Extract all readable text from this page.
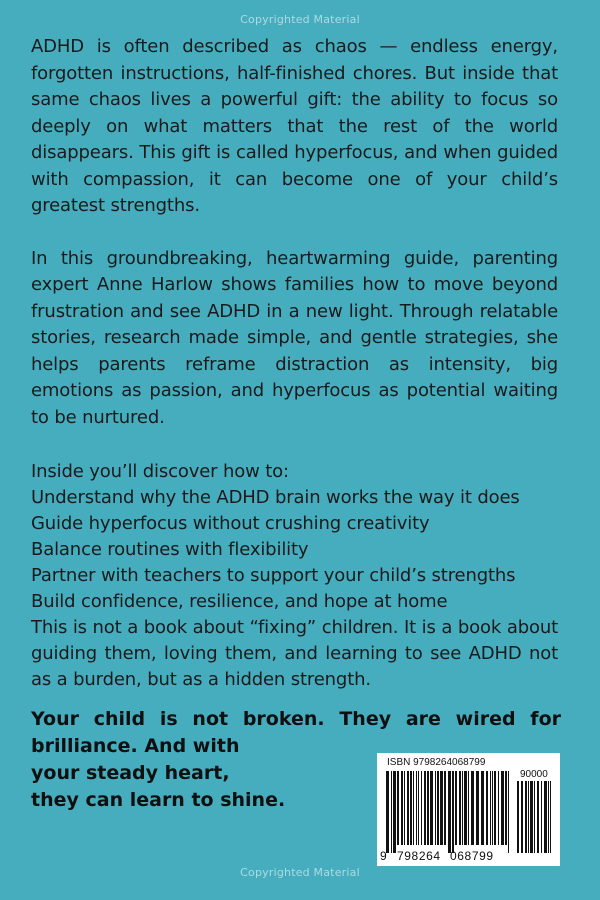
Copyrighted Material

ADHD is often described as chaos — endless energy, forgotten instructions, half-finished chores. But inside that same chaos lives a powerful gift: the ability to focus so deeply on what matters that the rest of the world disappears. This gift is called hyperfocus, and when guided with compassion, it can become one of your child’s greatest strengths.

In this groundbreaking, heartwarming guide, parenting expert Anne Harlow shows families how to move beyond frustration and see ADHD in a new light. Through relatable stories, research made simple, and gentle strategies, she helps parents reframe distraction as intensity, big emotions as passion, and hyperfocus as potential waiting to be nurtured.

Inside you’ll discover how to:

Understand why the ADHD brain works the way it does
Guide hyperfocus without crushing creativity
Balance routines with flexibility
Partner with teachers to support your child’s strengths
Build confidence, resilience, and hope at home

This is not a book about “fixing” children. It is a book about guiding them, loving them, and learning to see ADHD not as a burden, but as a hidden strength.

Your child is not broken. They are wired for
brilliance. And with
your steady heart,
they can learn to shine.

ISBN 9798264068799
90000
9 798264 068799
Copyrighted Material
